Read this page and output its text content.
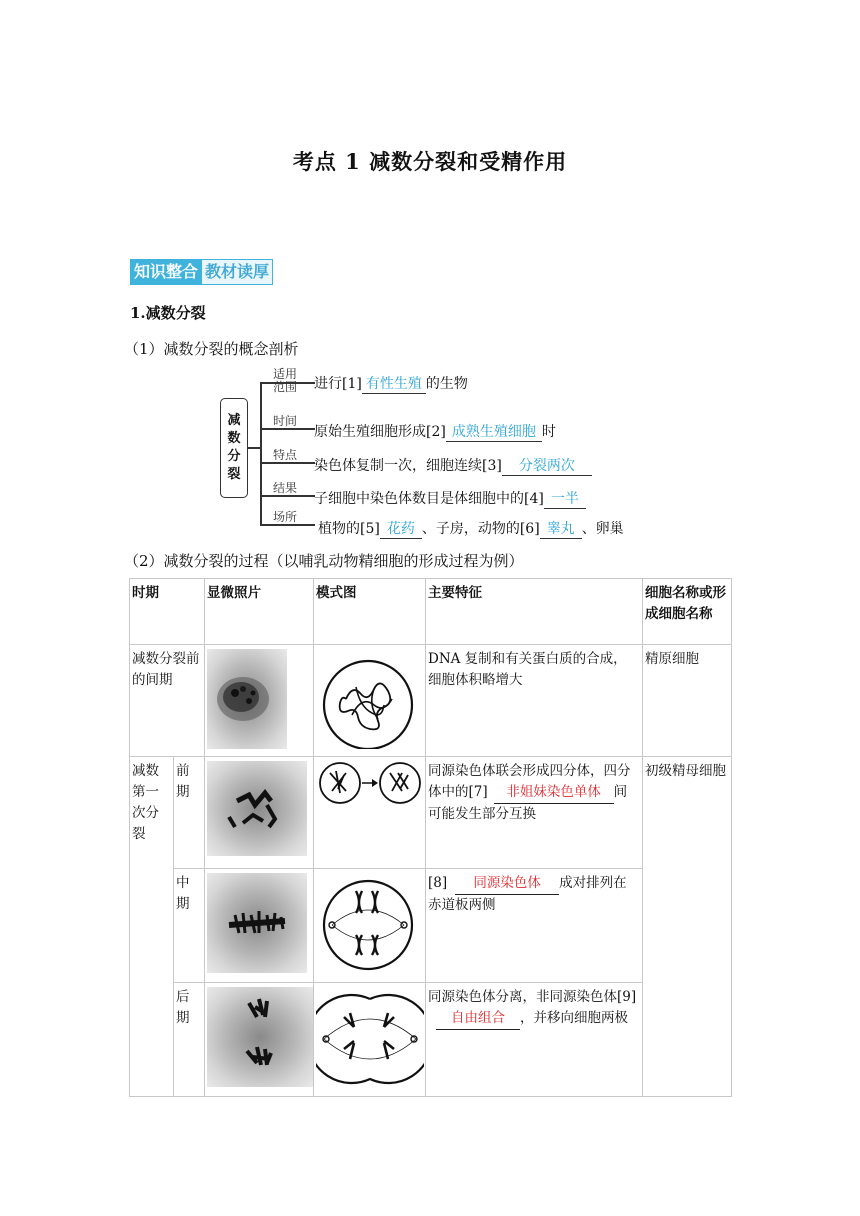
考点 1 减数分裂和受精作用
知识整合 教材读厚
1.减数分裂
（1）减数分裂的概念剖析
减
数
分
裂
适用
范围
时间
特点
结果
场所
进行[1] 有性生殖 的生物
原始生殖细胞形成[2] 成熟生殖细胞 时
染色体复制一次，细胞连续[3] 分裂两次
子细胞中染色体数目是体细胞中的[4] 一半
植物的[5] 花药 、子房，动物的[6] 睾丸 、卵巢
（2）减数分裂的过程（以哺乳动物精细胞的形成过程为例）
时期		显微照片	模式图	主要特征	细胞名称或形成细胞名称
减数分裂前的间期				DNA 复制和有关蛋白质的合成，细胞体积略增大	精原细胞
减数第一次分裂	前期			同源染色体联会形成四分体，四分体中的[7] 非姐妹染色单体 间可能发生部分互换	初级精母细胞
	中期			[8] 同源染色体 成对排列在赤道板两侧	
	后期			同源染色体分离，非同源染色体[9]自由组合 ，并移向细胞两极	
